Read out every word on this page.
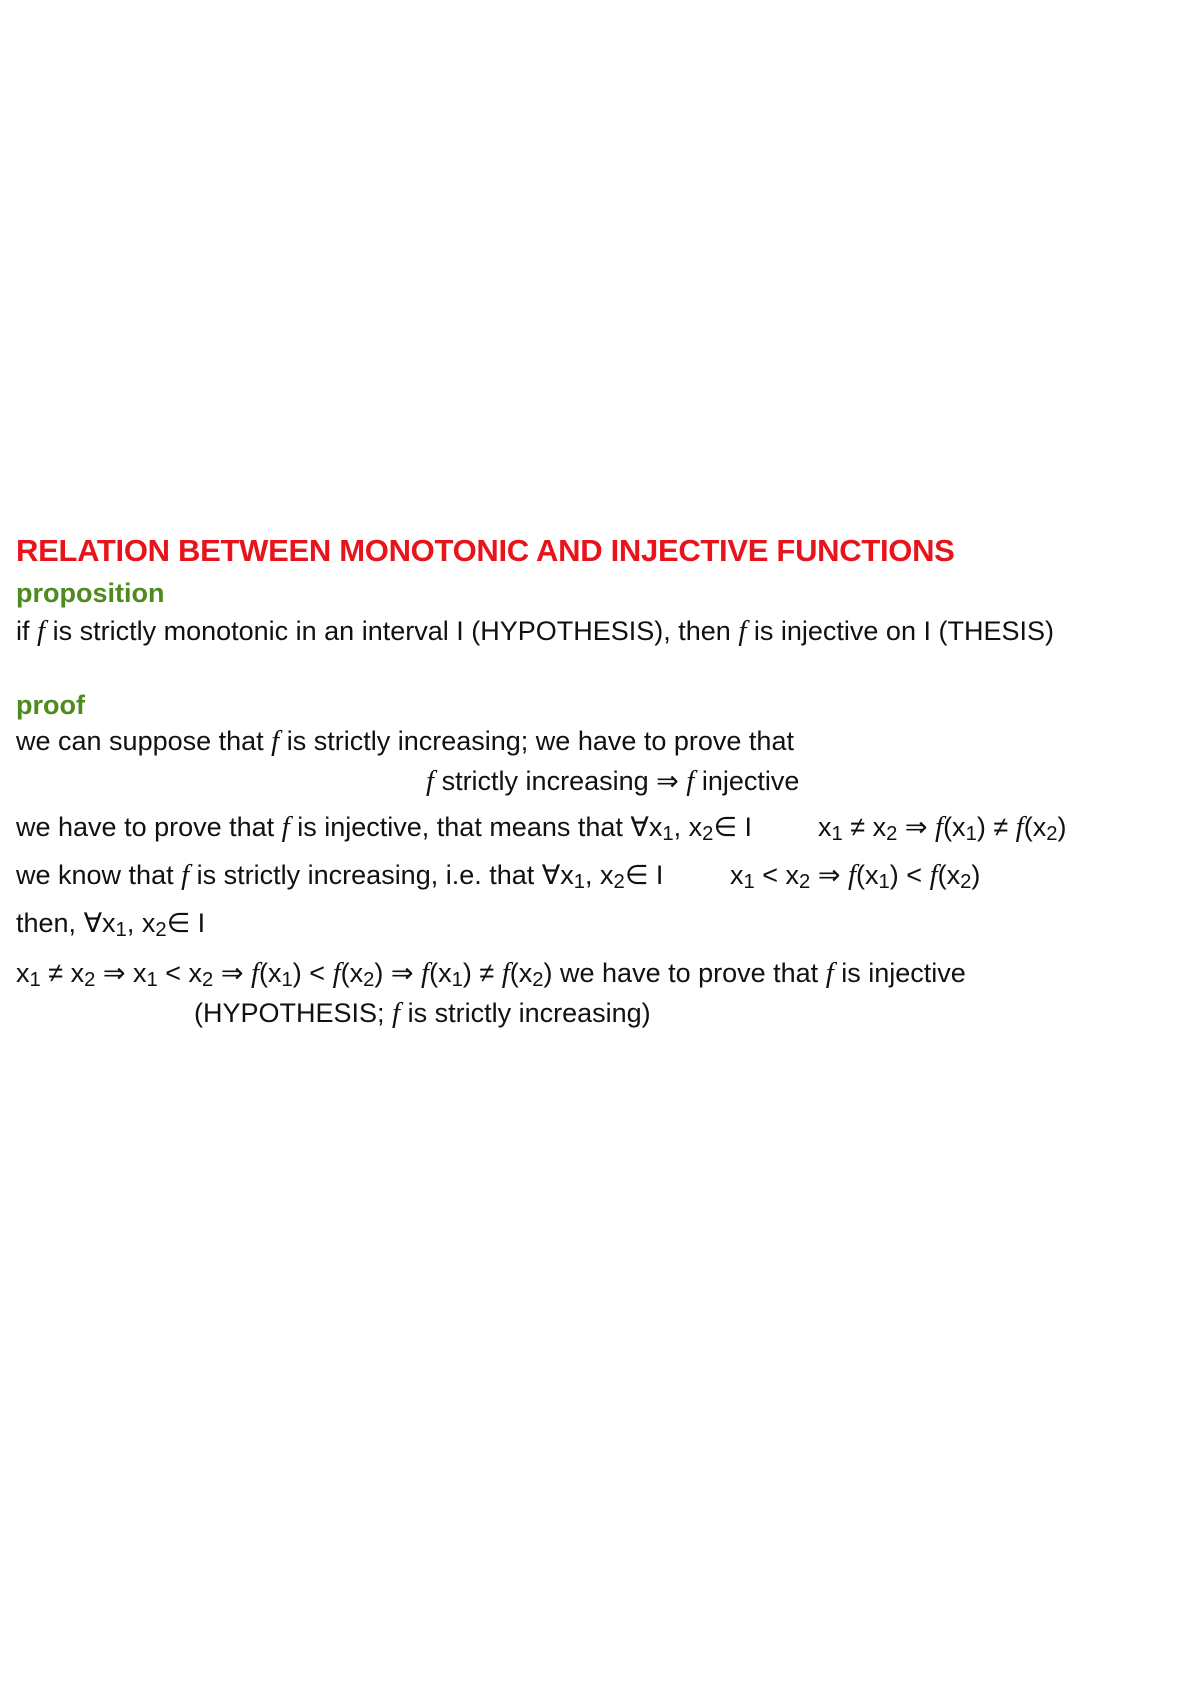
RELATION BETWEEN MONOTONIC AND INJECTIVE FUNCTIONS
proposition
if f is strictly monotonic in an interval I (HYPOTHESIS), then f is injective on I (THESIS)
proof
we can suppose that f is strictly increasing; we have to prove that
f strictly increasing ⇒ f injective
we have to prove that f is injective, that means that $\forall x_1$, $x_2\in$ I $x_1 \ne x_2$ ⇒ $f(x_1) \ne f(x_2)$
we know that f is strictly increasing, i.e. that $\forall x_1$, $x_2\in$ I $x_1 < x_2$ ⇒ $f(x_1) < f(x_2)$
then, $\forall x_1$, $x_2\in$ I
$x_1 \ne x_2$ ⇒ $x_1 < x_2$ ⇒ $f(x_1) < f(x_2)$ ⇒ $f(x_1) \ne f(x_2)$ we have to prove that f is injective
(HYPOTHESIS; f is strictly increasing)
